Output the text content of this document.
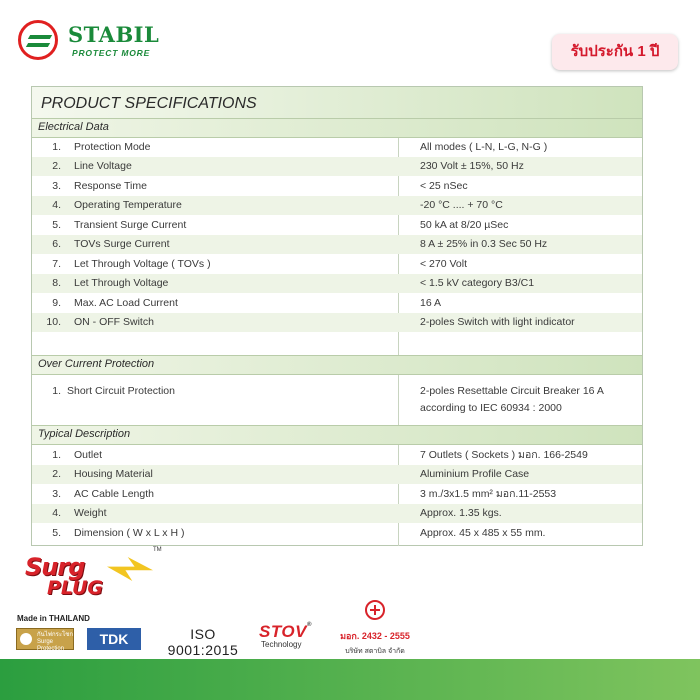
STABIL
PROTECT MORE	รับประกัน 1 ปี
PRODUCT SPECIFICATIONS
Electrical Data
1. Protection Mode	All modes ( L-N, L-G, N-G )
2. Line Voltage	230 Volt ± 15%, 50 Hz
3. Response Time	< 25 nSec
4. Operating Temperature	-20 °C .... + 70 °C
5. Transient Surge Current	50 kA at 8/20 µSec
6. TOVs Surge Current	8 A ± 25% in 0.3 Sec 50 Hz
7. Let Through Voltage ( TOVs )	< 270 Volt
8. Let Through Voltage	< 1.5 kV category B3/C1
9. Max. AC Load Current	16 A
10. ON - OFF Switch	2-poles Switch with light indicator
Over Current Protection
1. Short Circuit Protection	2-poles Resettable Circuit Breaker 16 A
according to IEC 60934 : 2000
Typical Description
1. Outlet	7 Outlets ( Sockets ) มอก. 166-2549
2. Housing Material	Aluminium Profile Case
3. AC Cable Length	3 m./3x1.5 mm² มอก.11-2553
4. Weight	Approx. 1.35 kgs.
5. Dimension ( W x L x H )	Approx. 45 x 485 x 55 mm.
Surg
PLUG
TM
Made in THAILAND
กันไฟกระโชก Surge Protection
TDK	ISO 9001:2015
STOV®
Technology
มอก. 2432 - 2555
บริษัท สตาบิล จำกัด
